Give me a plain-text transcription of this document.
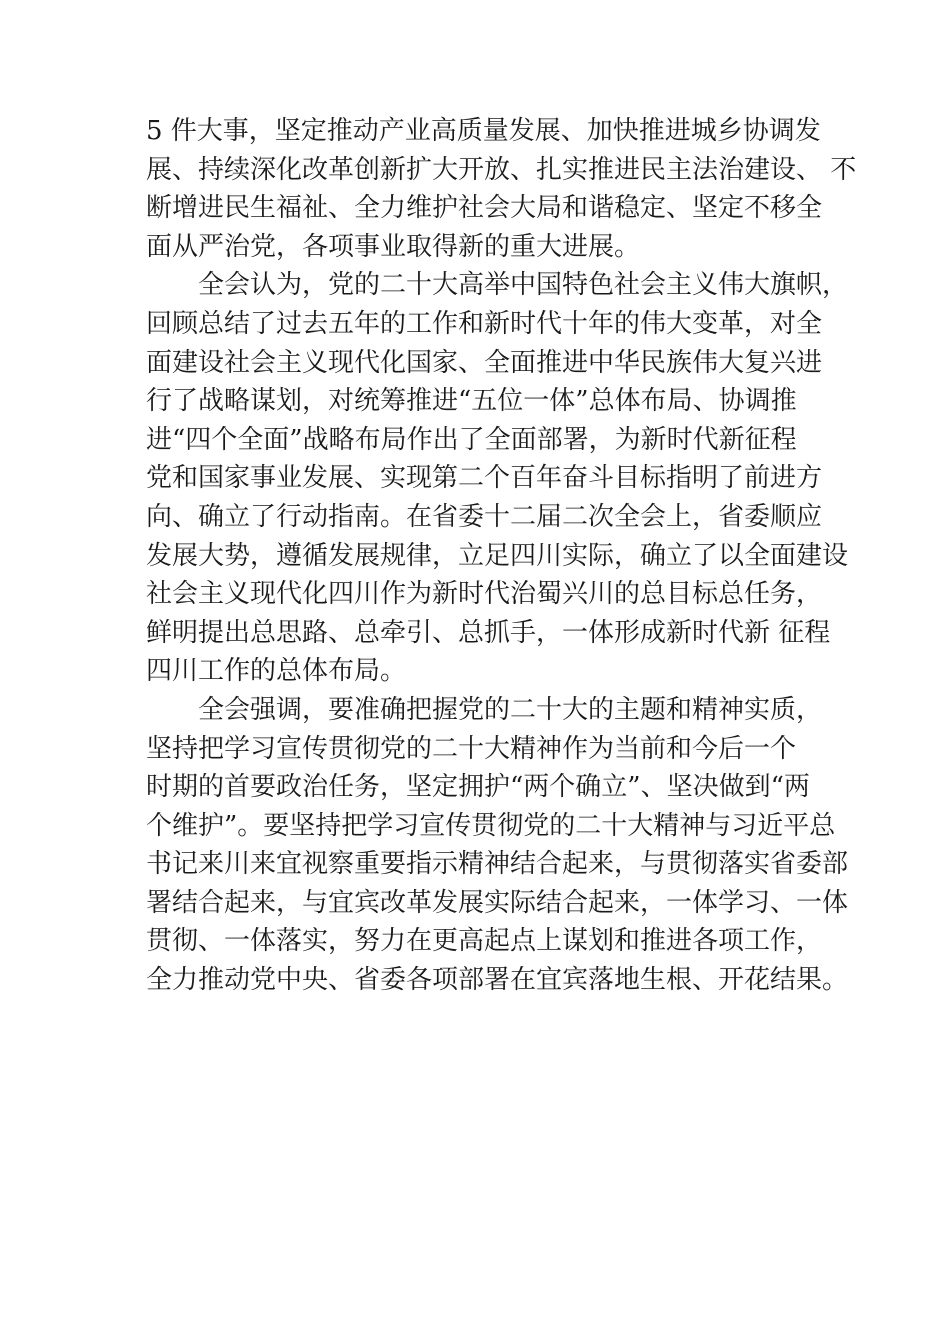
5 件大事，坚定推动产业高质量发展、加快推进城乡协调发
展、持续深化改革创新扩大开放、扎实推进民主法治建设、 不
断增进民生福祉、全力维护社会大局和谐稳定、坚定不移全
面从严治党，各项事业取得新的重大进展。
全会认为，党的二十大高举中国特色社会主义伟大旗帜，
回顾总结了过去五年的工作和新时代十年的伟大变革，对全
面建设社会主义现代化国家、全面推进中华民族伟大复兴进
行了战略谋划，对统筹推进“五位一体”总体布局、协调推
进“四个全面”战略布局作出了全面部署，为新时代新征程
党和国家事业发展、实现第二个百年奋斗目标指明了前进方
向、确立了行动指南。在省委十二届二次全会上，省委顺应
发展大势，遵循发展规律，立足四川实际，确立了以全面建设
社会主义现代化四川作为新时代治蜀兴川的总目标总任务，
鲜明提出总思路、总牵引、总抓手，一体形成新时代新 征程
四川工作的总体布局。
全会强调，要准确把握党的二十大的主题和精神实质，
坚持把学习宣传贯彻党的二十大精神作为当前和今后一个
时期的首要政治任务，坚定拥护“两个确立”、坚决做到“两
个维护”。要坚持把学习宣传贯彻党的二十大精神与习近平总
书记来川来宜视察重要指示精神结合起来，与贯彻落实省委部
署结合起来，与宜宾改革发展实际结合起来，一体学习、一体
贯彻、一体落实，努力在更高起点上谋划和推进各项工作，
全力推动党中央、省委各项部署在宜宾落地生根、开花结果。
